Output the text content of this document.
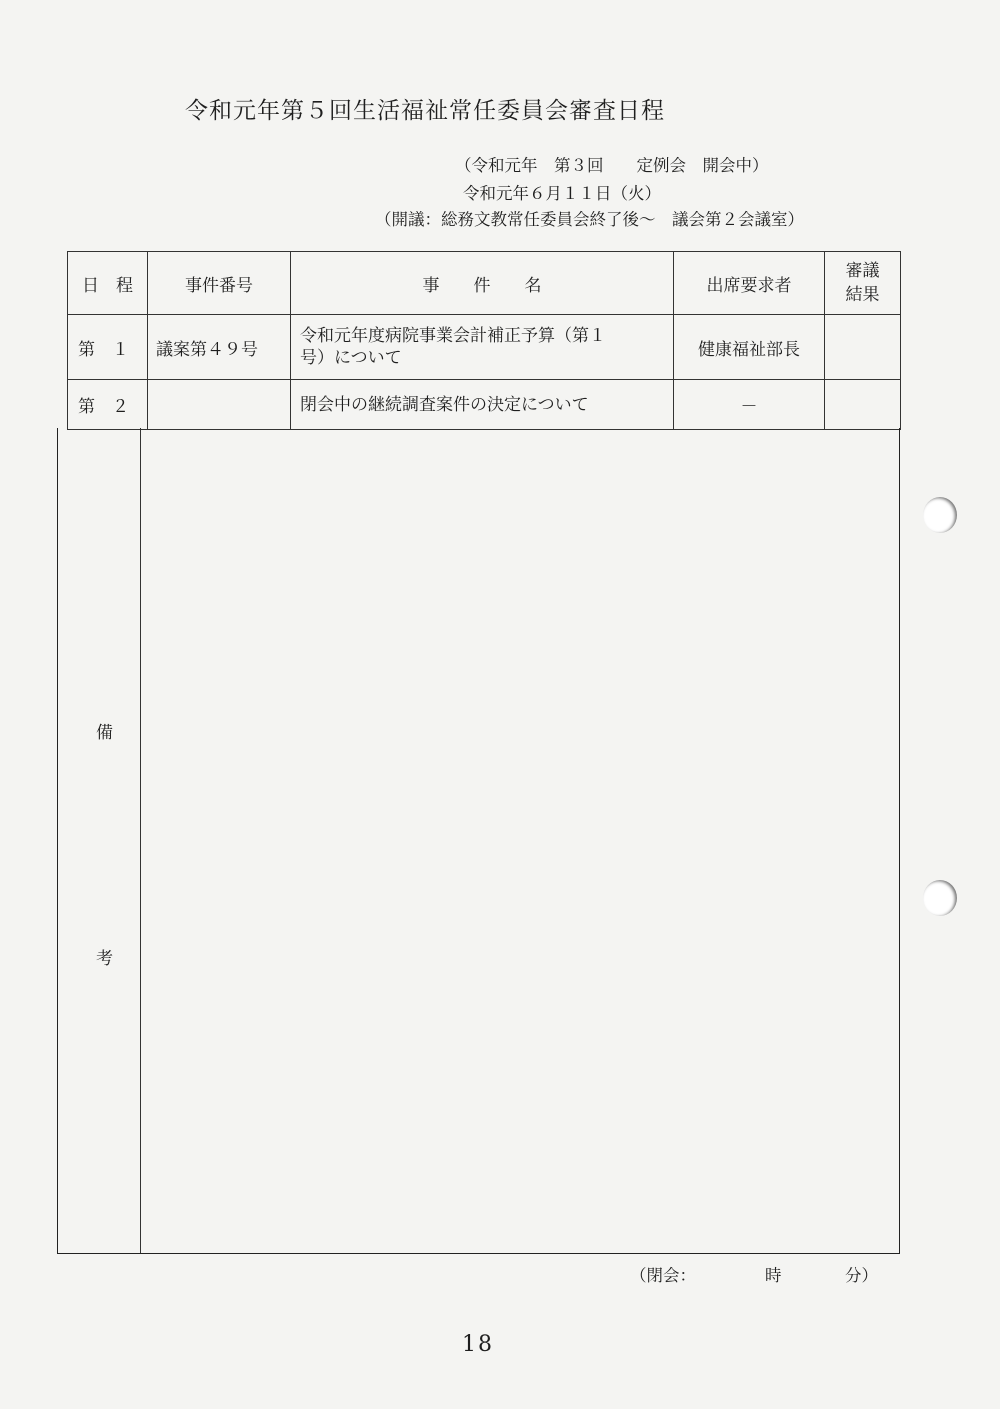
令和元年第５回生活福祉常任委員会審査日程
（令和元年　第３回　　定例会　開会中）
令和元年６月１１日（火）
（開議：総務文教常任委員会終了後～　議会第２会議室）
日　程	事件番号	事　　件　　名	出席要求者	審議結果
第　１	議案第４９号	令和元年度病院事業会計補正予算（第１号）について	健康福祉部長	
第　２		閉会中の継続調査案件の決定について	－	
備
考
（閉会：	時	分）
18
